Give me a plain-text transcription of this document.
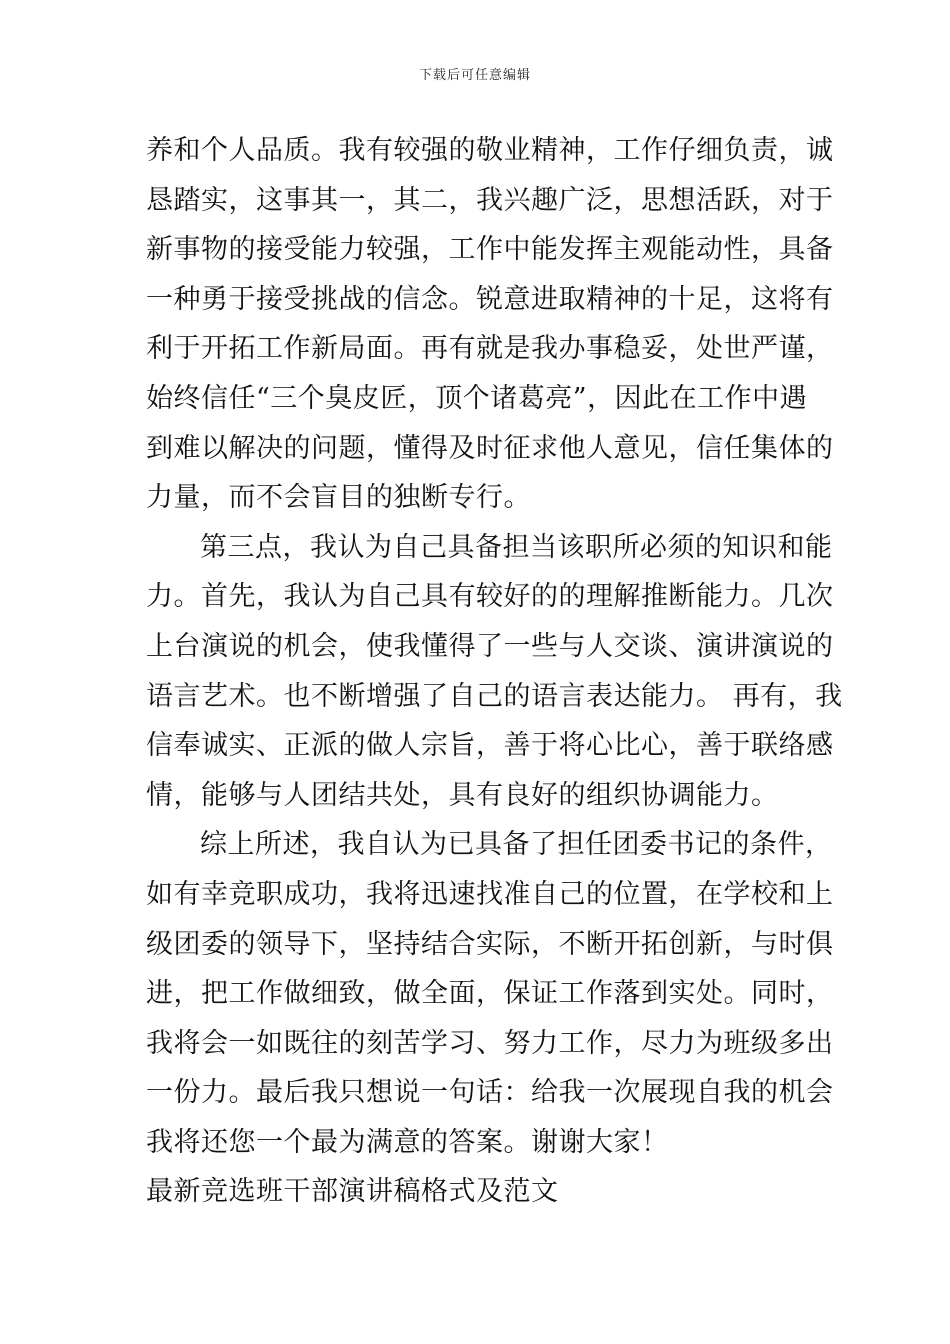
下载后可任意编辑
养和个人品质。我有较强的敬业精神，工作仔细负责，诚
恳踏实，这事其一，其二，我兴趣广泛，思想活跃，对于
新事物的接受能力较强，工作中能发挥主观能动性，具备
一种勇于接受挑战的信念。锐意进取精神的十足，这将有
利于开拓工作新局面。再有就是我办事稳妥，处世严谨，
始终信任“三个臭皮匠，顶个诸葛亮”，因此在工作中遇
到难以解决的问题，懂得及时征求他人意见，信任集体的
力量，而不会盲目的独断专行。
第三点，我认为自己具备担当该职所必须的知识和能
力。首先，我认为自己具有较好的的理解推断能力。几次
上台演说的机会，使我懂得了一些与人交谈、演讲演说的
语言艺术。也不断增强了自己的语言表达能力。 再有，我
信奉诚实、正派的做人宗旨，善于将心比心，善于联络感
情，能够与人团结共处，具有良好的组织协调能力。
综上所述，我自认为已具备了担任团委书记的条件，
如有幸竞职成功，我将迅速找准自己的位置，在学校和上
级团委的领导下，坚持结合实际，不断开拓创新，与时俱
进，把工作做细致，做全面，保证工作落到实处。同时，
我将会一如既往的刻苦学习、努力工作，尽力为班级多出
一份力。最后我只想说一句话：给我一次展现自我的机会
我将还您一个最为满意的答案。谢谢大家！
最新竞选班干部演讲稿格式及范文
